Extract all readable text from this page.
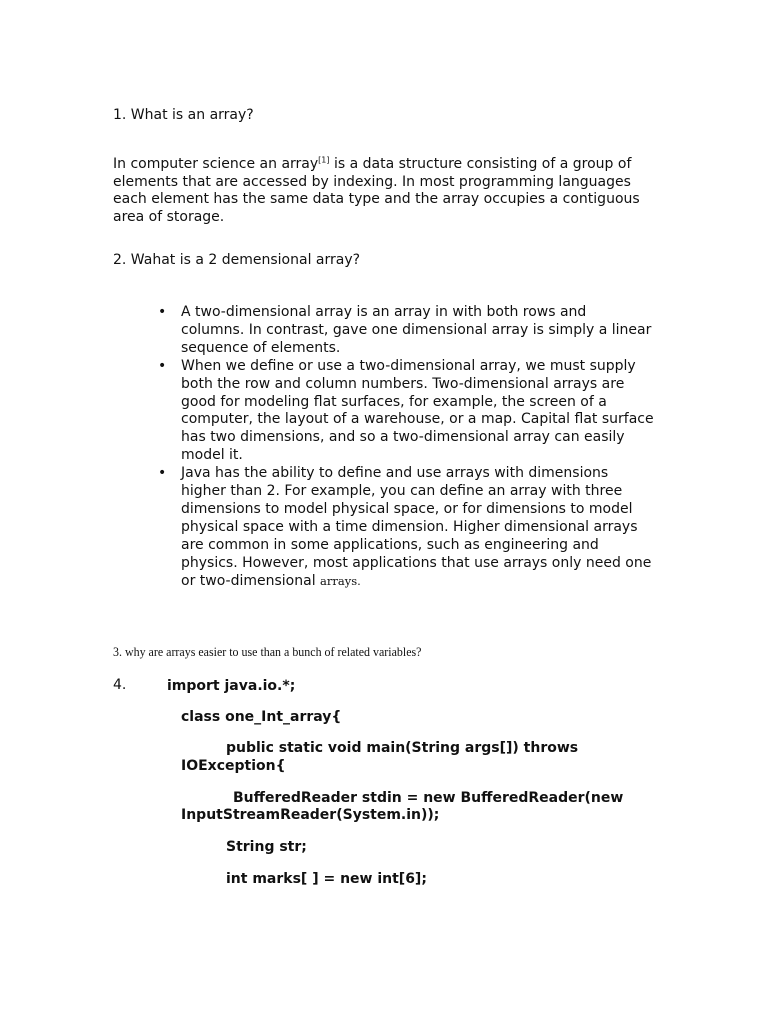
1. What is an array?

In computer science an array[1] is a data structure consisting of a group of elements that are accessed by indexing. In most programming languages each element has the same data type and the array occupies a contiguous area of storage.

2. Wahat is a 2 demensional array?

• A two-dimensional array is an array in with both rows and columns. In contrast, gave one dimensional array is simply a linear sequence of elements.
• When we define or use a two-dimensional array, we must supply both the row and column numbers. Two-dimensional arrays are good for modeling flat surfaces, for example, the screen of a computer, the layout of a warehouse, or a map. Capital flat surface has two dimensions, and so a two-dimensional array can easily model it.
• Java has the ability to define and use arrays with dimensions higher than 2. For example, you can define an array with three dimensions to model physical space, or for dimensions to model physical space with a time dimension. Higher dimensional arrays are common in some applications, such as engineering and physics. However, most applications that use arrays only need one or two-dimensional arrays.

3. why are arrays easier to use than a bunch of related variables?

4.	import java.io.*;

class one_Int_array{

public static void main(String args[]) throws

IOException{

BufferedReader stdin = new BufferedReader(new

InputStreamReader(System.in));

String str;

int marks[ ] = new int[6];
